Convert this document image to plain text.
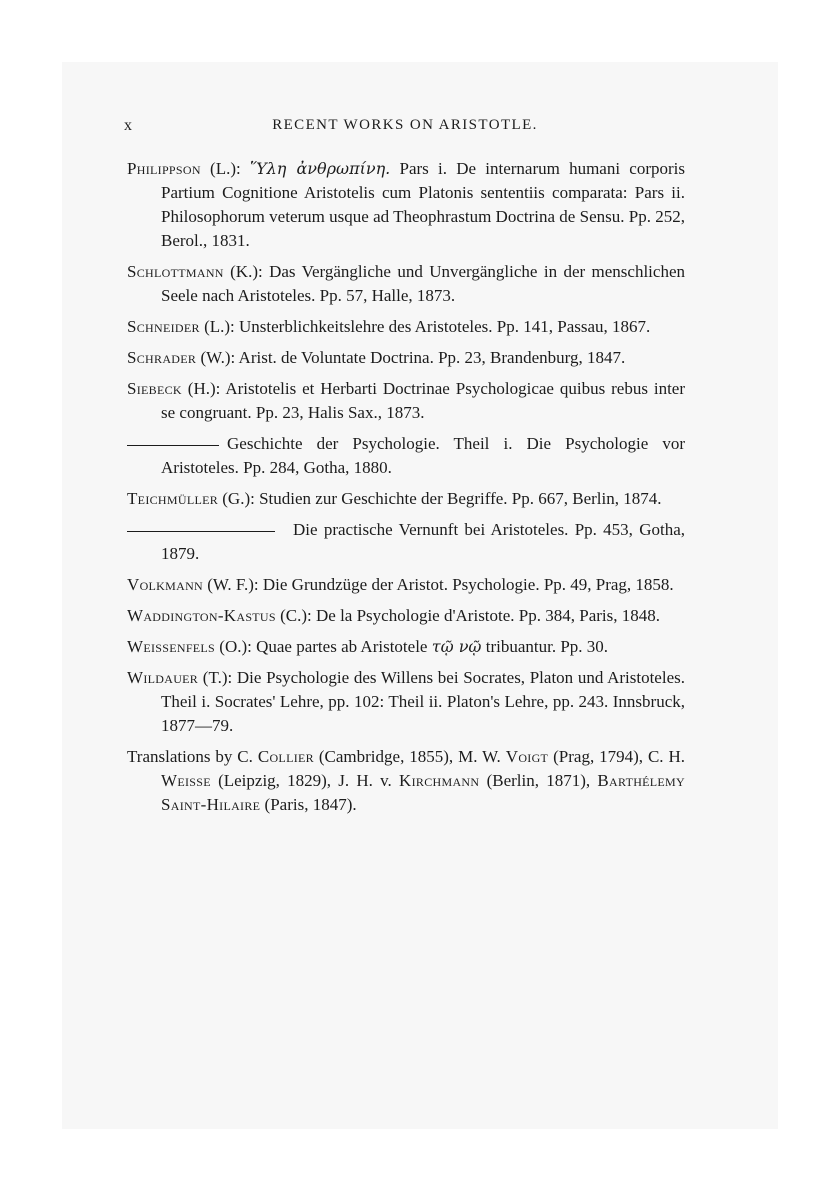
x	RECENT WORKS ON ARISTOTLE.

Philippson (L.): Ὕλη ἀνθρωπίνη. Pars i. De internarum humani corporis Partium Cognitione Aristotelis cum Platonis sententiis comparata: Pars ii. Philosophorum veterum usque ad Theophrastum Doctrina de Sensu. Pp. 252, Berol., 1831.

Schlottmann (K.): Das Vergängliche und Unvergängliche in der menschlichen Seele nach Aristoteles. Pp. 57, Halle, 1873.

Schneider (L.): Unsterblichkeitslehre des Aristoteles. Pp. 141, Passau, 1867.

Schrader (W.): Arist. de Voluntate Doctrina. Pp. 23, Brandenburg, 1847.

Siebeck (H.): Aristotelis et Herbarti Doctrinae Psychologicae quibus rebus inter se congruant. Pp. 23, Halis Sax., 1873.

Geschichte der Psychologie. Theil i. Die Psychologie vor Aristoteles. Pp. 284, Gotha, 1880.

Teichmüller (G.): Studien zur Geschichte der Begriffe. Pp. 667, Berlin, 1874.

Die practische Vernunft bei Aristoteles. Pp. 453, Gotha, 1879.

Volkmann (W. F.): Die Grundzüge der Aristot. Psychologie. Pp. 49, Prag, 1858.

Waddington-Kastus (C.): De la Psychologie d'Aristote. Pp. 384, Paris, 1848.

Weissenfels (O.): Quae partes ab Aristotele τῷ νῷ tribuantur. Pp. 30.

Wildauer (T.): Die Psychologie des Willens bei Socrates, Platon und Aristoteles. Theil i. Socrates' Lehre, pp. 102: Theil ii. Platon's Lehre, pp. 243. Innsbruck, 1877—79.

Translations by C. Collier (Cambridge, 1855), M. W. Voigt (Prag, 1794), C. H. Weisse (Leipzig, 1829), J. H. v. Kirchmann (Berlin, 1871), Barthélemy Saint-Hilaire (Paris, 1847).
